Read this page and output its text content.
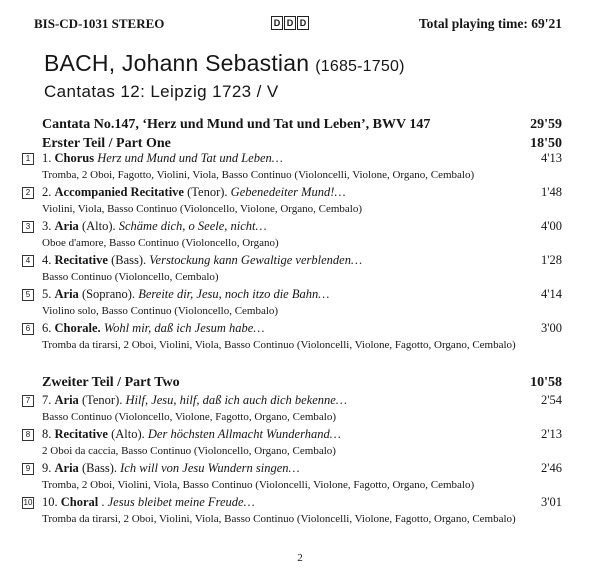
BIS-CD-1031 STEREO	D D D	Total playing time: 69'21
BACH, Johann Sebastian (1685-1750)
Cantatas 12: Leipzig 1723 / V
Cantata No.147, ‘Herz und Mund und Tat und Leben’, BWV 147	29'59
Erster Teil / Part One	18'50
1 1. Chorus Herz und Mund und Tat und Leben…	4'13
Tromba, 2 Oboi, Fagotto, Violini, Viola, Basso Continuo (Violoncelli, Violone, Organo, Cembalo)
2 2. Accompanied Recitative (Tenor). Gebenedeiter Mund!…	1'48
Violini, Viola, Basso Continuo (Violoncello, Violone, Organo, Cembalo)
3 3. Aria (Alto). Schäme dich, o Seele, nicht…	4'00
Oboe d'amore, Basso Continuo (Violoncello, Organo)
4 4. Recitative (Bass). Verstockung kann Gewaltige verblenden…	1'28
Basso Continuo (Violoncello, Cembalo)
5 5. Aria (Soprano). Bereite dir, Jesu, noch itzo die Bahn…	4'14
Violino solo, Basso Continuo (Violoncello, Cembalo)
6 6. Chorale. Wohl mir, daß ich Jesum habe…	3'00
Tromba da tirarsi, 2 Oboi, Violini, Viola, Basso Continuo (Violoncelli, Violone, Fagotto, Organo, Cembalo)
Zweiter Teil / Part Two	10'58
7 7. Aria (Tenor). Hilf, Jesu, hilf, daß ich auch dich bekenne…	2'54
Basso Continuo (Violoncello, Violone, Fagotto, Organo, Cembalo)
8 8. Recitative (Alto). Der höchsten Allmacht Wunderhand…	2'13
2 Oboi da caccia, Basso Continuo (Violoncello, Organo, Cembalo)
9 9. Aria (Bass). Ich will von Jesu Wundern singen…	2'46
Tromba, 2 Oboi, Violini, Viola, Basso Continuo (Violoncelli, Violone, Fagotto, Organo, Cembalo)
10 10. Choral . Jesus bleibet meine Freude…	3'01
Tromba da tirarsi, 2 Oboi, Violini, Viola, Basso Continuo (Violoncelli, Violone, Fagotto, Organo, Cembalo)
2
